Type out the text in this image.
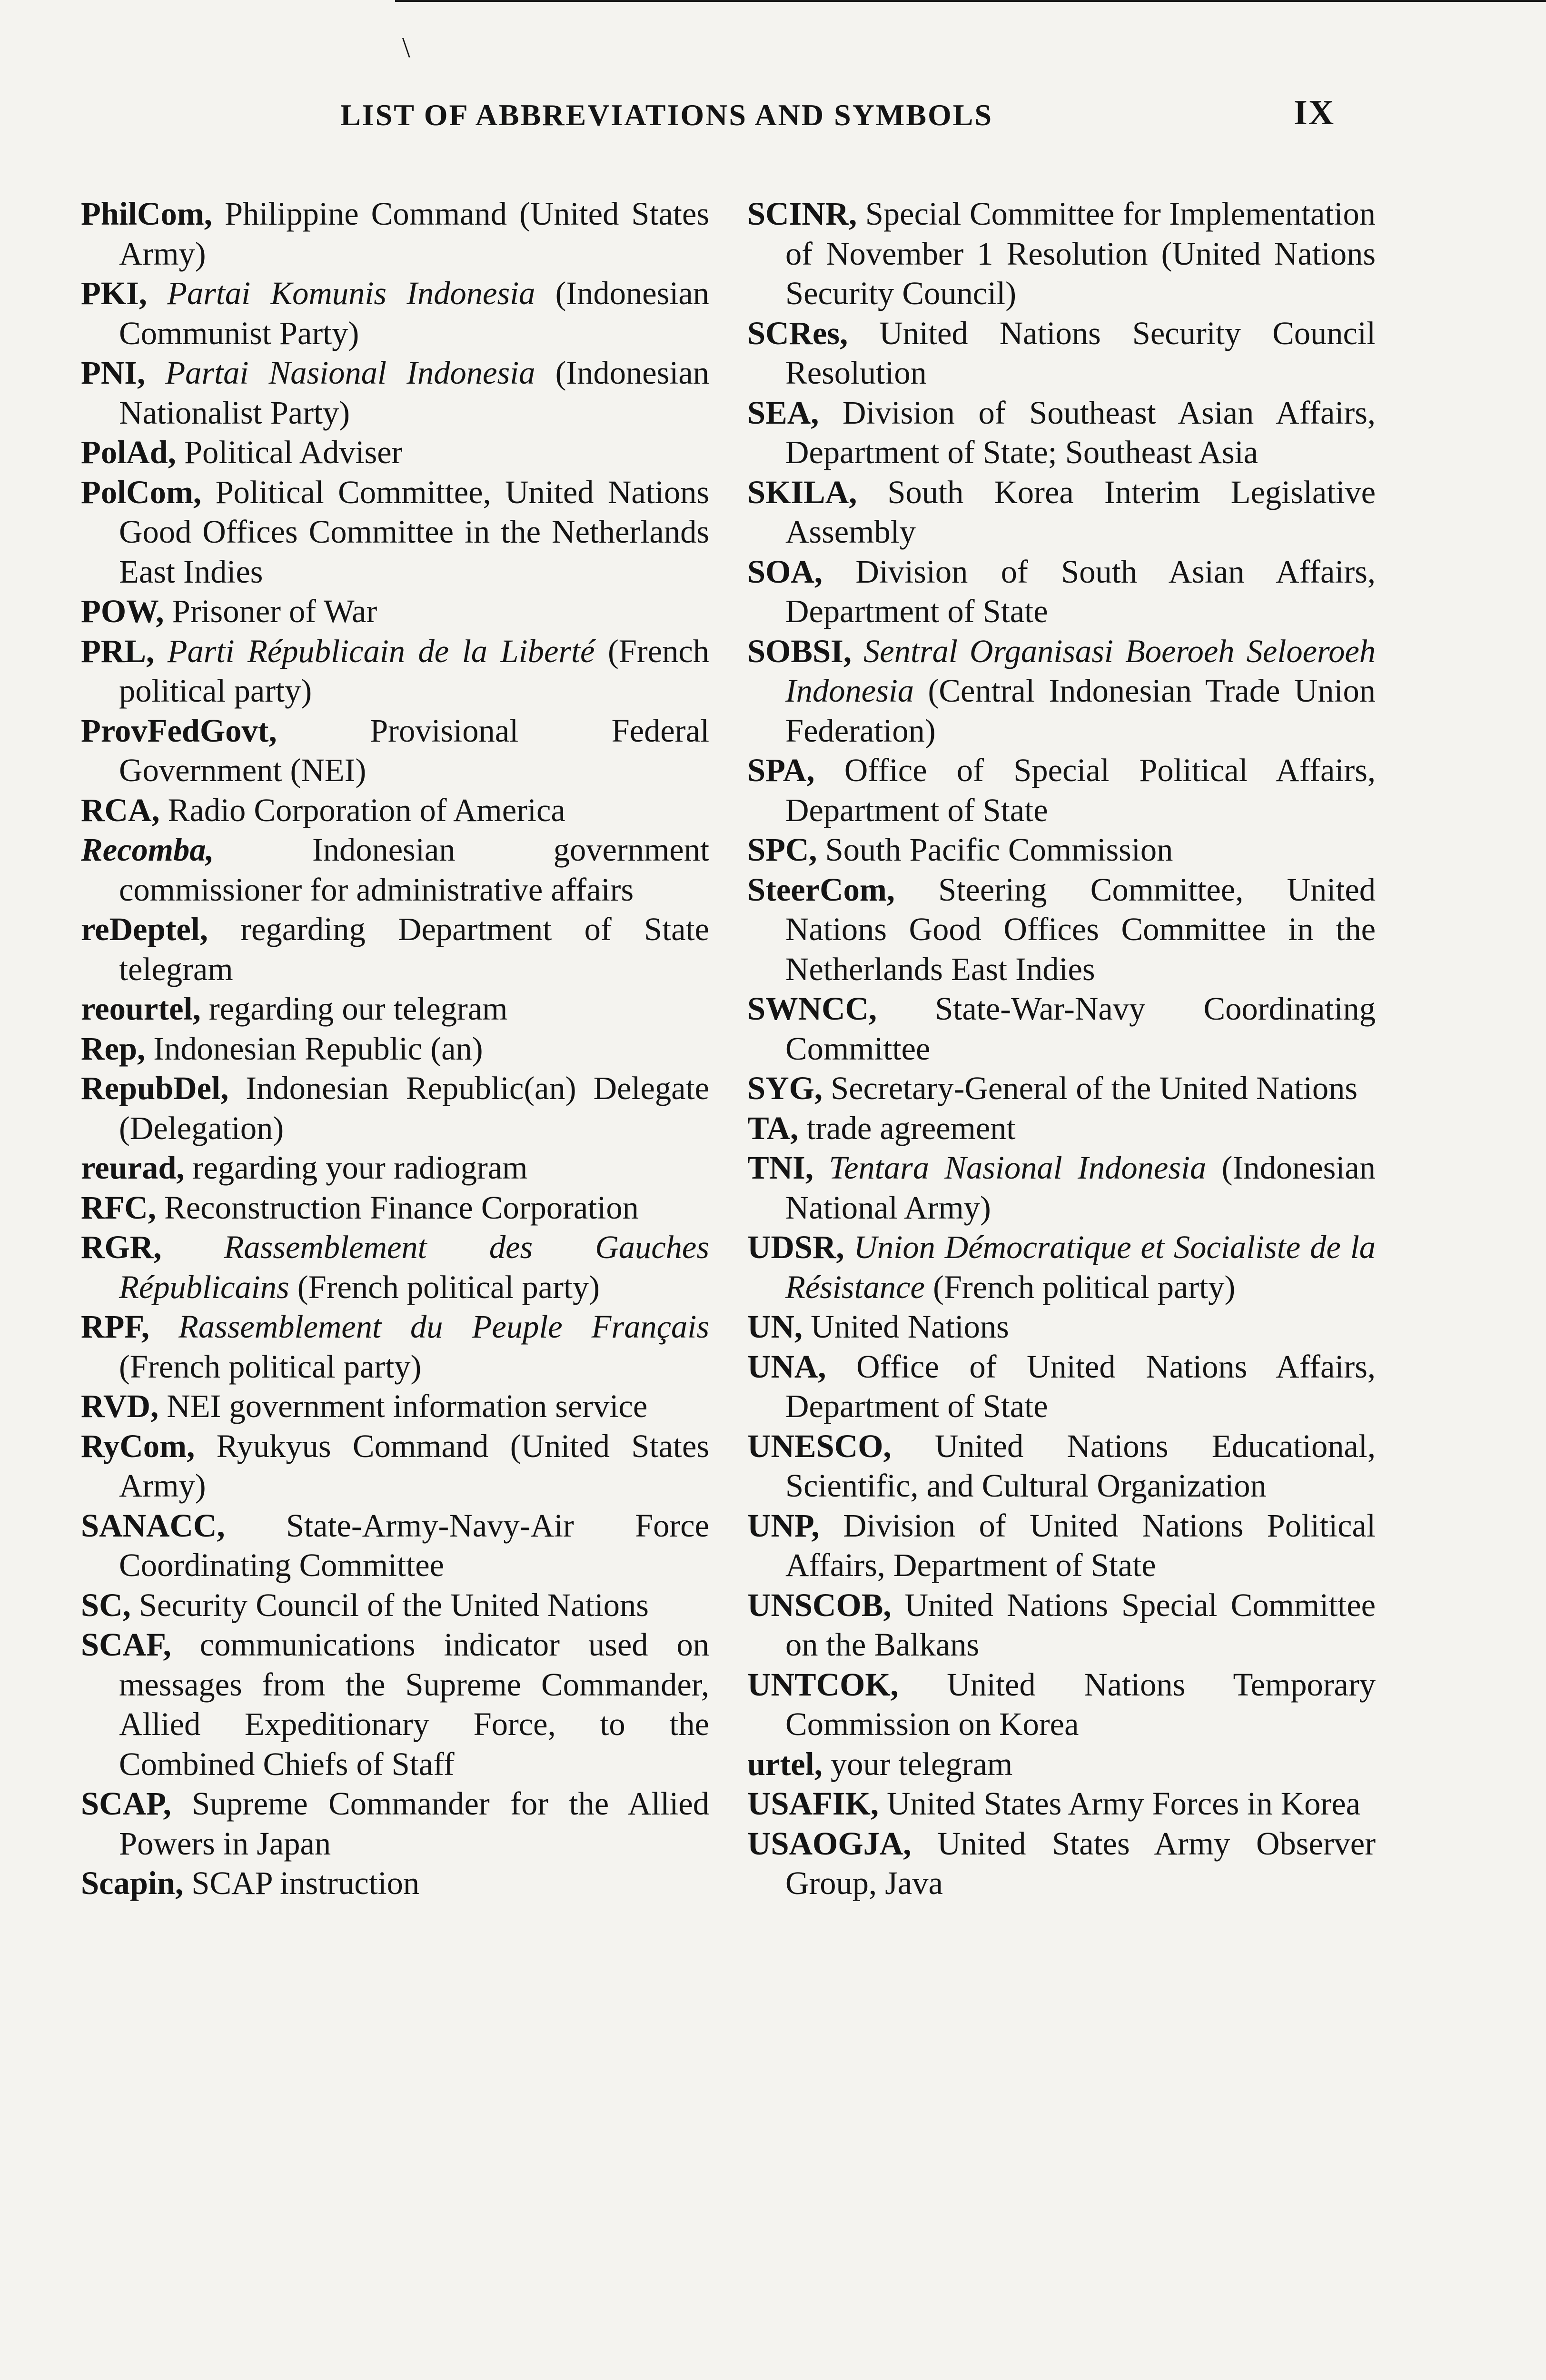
\
LIST OF ABBREVIATIONS AND SYMBOLS	IX

PhilCom, Philippine Command (United States Army)

PKI, Partai Komunis Indonesia (Indonesian Communist Party)

PNI, Partai Nasional Indonesia (Indonesian Nationalist Party)

PolAd, Political Adviser

PolCom, Political Committee, United Nations Good Offices Committee in the Netherlands East Indies

POW, Prisoner of War

PRL, Parti Républicain de la Liberté (French political party)

ProvFedGovt,	Provisional Federal Government (NEI)

RCA, Radio Corporation of America

Recomba,	Indonesian government commissioner for administrative affairs

reDeptel, regarding Department of State telegram

reourtel, regarding our telegram

Rep, Indonesian Republic (an)

RepubDel, Indonesian Republic(an) Delegate (Delegation)

reurad, regarding your radiogram

RFC, Reconstruction Finance Corporation

RGR, Rassemblement des Gauches Républicains (French political party)

RPF, Rassemblement du Peuple Français (French political party)

RVD, NEI government information service

RyCom, Ryukyus Command (United States Army)

SANACC, State-Army-Navy-Air Force Coordinating Committee

SC, Security Council of the United Nations

SCAF, communications indicator used on messages from the Supreme Commander, Allied Expeditionary Force, to the Combined Chiefs of Staff

SCAP, Supreme Commander for the Allied Powers in Japan

Scapin, SCAP instruction

SCINR, Special Committee for Implementation of November 1 Resolution (United Nations Security Council)

SCRes, United Nations Security Council Resolution

SEA, Division of Southeast Asian Affairs, Department of State; Southeast Asia

SKILA, South Korea Interim Legislative Assembly

SOA, Division of South Asian Affairs, Department of State

SOBSI, Sentral Organisasi Boeroeh Seloeroeh Indonesia (Central Indonesian Trade Union Federation)

SPA, Office of Special Political Affairs, Department of State

SPC, South Pacific Commission

SteerCom, Steering Committee, United Nations Good Offices Committee in the Netherlands East Indies

SWNCC, State-War-Navy Coordinating Committee

SYG, Secretary-General of the United Nations

TA, trade agreement

TNI, Tentara Nasional Indonesia (Indonesian National Army)

UDSR, Union Démocratique et Socialiste de la Résistance (French political party)

UN, United Nations

UNA, Office of United Nations Affairs, Department of State

UNESCO, United Nations Educational, Scientific, and Cultural Organization

UNP, Division of United Nations Political Affairs, Department of State

UNSCOB, United Nations Special Committee on the Balkans

UNTCOK, United Nations Temporary Commission on Korea

urtel, your telegram

USAFIK, United States Army Forces in Korea

USAOGJA, United States Army Observer Group, Java
